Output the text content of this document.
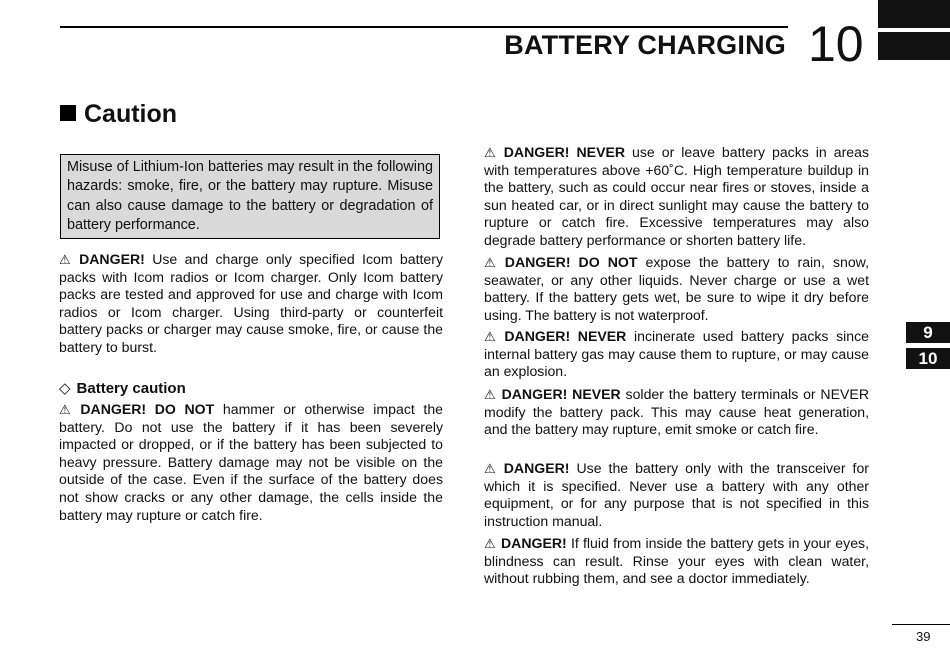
BATTERY CHARGING 10
Caution
Misuse of Lithium-Ion batteries may result in the following hazards: smoke, fire, or the battery may rupture. Misuse can also cause damage to the battery or degradation of battery performance.

⚠ DANGER! Use and charge only specified Icom battery packs with Icom radios or Icom charger. Only Icom battery packs are tested and approved for use and charge with Icom radios or Icom charger. Using third-party or counterfeit battery packs or charger may cause smoke, fire, or cause the battery to burst.

◇ Battery caution

⚠ DANGER! DO NOT hammer or otherwise impact the battery. Do not use the battery if it has been severely impacted or dropped, or if the battery has been subjected to heavy pressure. Battery damage may not be visible on the outside of the case. Even if the surface of the battery does not show cracks or any other damage, the cells inside the battery may rupture or catch fire.

⚠ DANGER! NEVER use or leave battery packs in areas with temperatures above +60˚C. High temperature buildup in the battery, such as could occur near fires or stoves, inside a sun heated car, or in direct sunlight may cause the battery to rupture or catch fire. Excessive temperatures may also degrade battery performance or shorten battery life.

⚠ DANGER! DO NOT expose the battery to rain, snow, seawater, or any other liquids. Never charge or use a wet battery. If the battery gets wet, be sure to wipe it dry before using. The battery is not waterproof.

⚠ DANGER! NEVER incinerate used battery packs since internal battery gas may cause them to rupture, or may cause an explosion.

⚠ DANGER! NEVER solder the battery terminals or NEVER modify the battery pack. This may cause heat generation, and the battery may rupture, emit smoke or catch fire.

⚠ DANGER! Use the battery only with the transceiver for which it is specified. Never use a battery with any other equipment, or for any purpose that is not specified in this instruction manual.

⚠ DANGER! If fluid from inside the battery gets in your eyes, blindness can result. Rinse your eyes with clean water, without rubbing them, and see a doctor immediately.

9
10
39
